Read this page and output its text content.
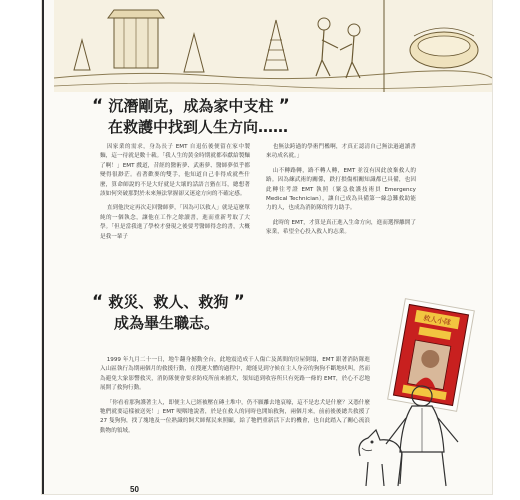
“ 沉潛剛克，成為家中支柱 ”
在救護中找到人生方向……

因家業的需求，身為長子 EMT 自退伍後便留在家中製麵，這一待就是數十載。「我人生的黃金時期就都奉獻給製麵了啊！」EMT 戲道，昔經的醫術夢、武術夢、醫師夢似乎都變得很渺茫。看著歡麥的雙手，他知道自己非得成就些什麼，算命師說的不是大好就是大壞的話語言猶在耳，總想著該如何突破那對於未來無法掌握卻又迷途方向的不確定感。

直到他決定再次走回醫師夢，「因為可以救人」就是這麼單純的一個執念，讓他在工作之餘讀書，進而重新考取了大學。「但是當我進了學校才發現之後要考醫師得念的書，大概是我一輩子

也無法跨過的學術門檻啊，才真正認清自己無法過過讀書來功成名就。」

山不轉路轉，路不轉人轉，EMT 並沒有因此放棄救人的路。因為練武術的關係，跌打損傷相關知識都已具備，也因此轉往考證 EMT 執照（緊急救護技術員 Emergency Medical Technician），讓自己成為具備第一線急難救助能力的人，也成為消防隊的得力助手。

此時的 EMT，才算是真正進入生命方向，進而選擇離開了家業，希望全心投入救人的志業。

“ 救災、救人、救狗 ”
成為畢生職志。

1999 年九月二十一日，地牛翻身撼動全台，此地震造成千人傷亡及萬間的房屋倒塌，EMT 跟著消防隊進入山區執行為期兩個月的救援行動，在搜運大體的過程中，總能見到守候在主人身旁的狗狗不斷地吠叫，然而為避免大象影響救災，消防隊便會要求防疫所前來捕犬，領知道到收容所只有死路一條的 EMT，於心不忍地展開了救狗行動。

「你看看那狗護著主人，即便主人已經被壓在磚土堆中，仍不願離去地哀嚎，這不是忠犬是什麼？又憑什麼牠們就要這樣被送死！」EMT 哽咽地說著，於是在救人的同時也開始救狗，兩個月來，前前後後總共救援了 27 隻狗狗，找了塊地及一位熟識的飼犬師幫民來照顧，給了牠們重新活下去的機會，也自此踏入了關心流浪動物的領域。

救人小隊
50
